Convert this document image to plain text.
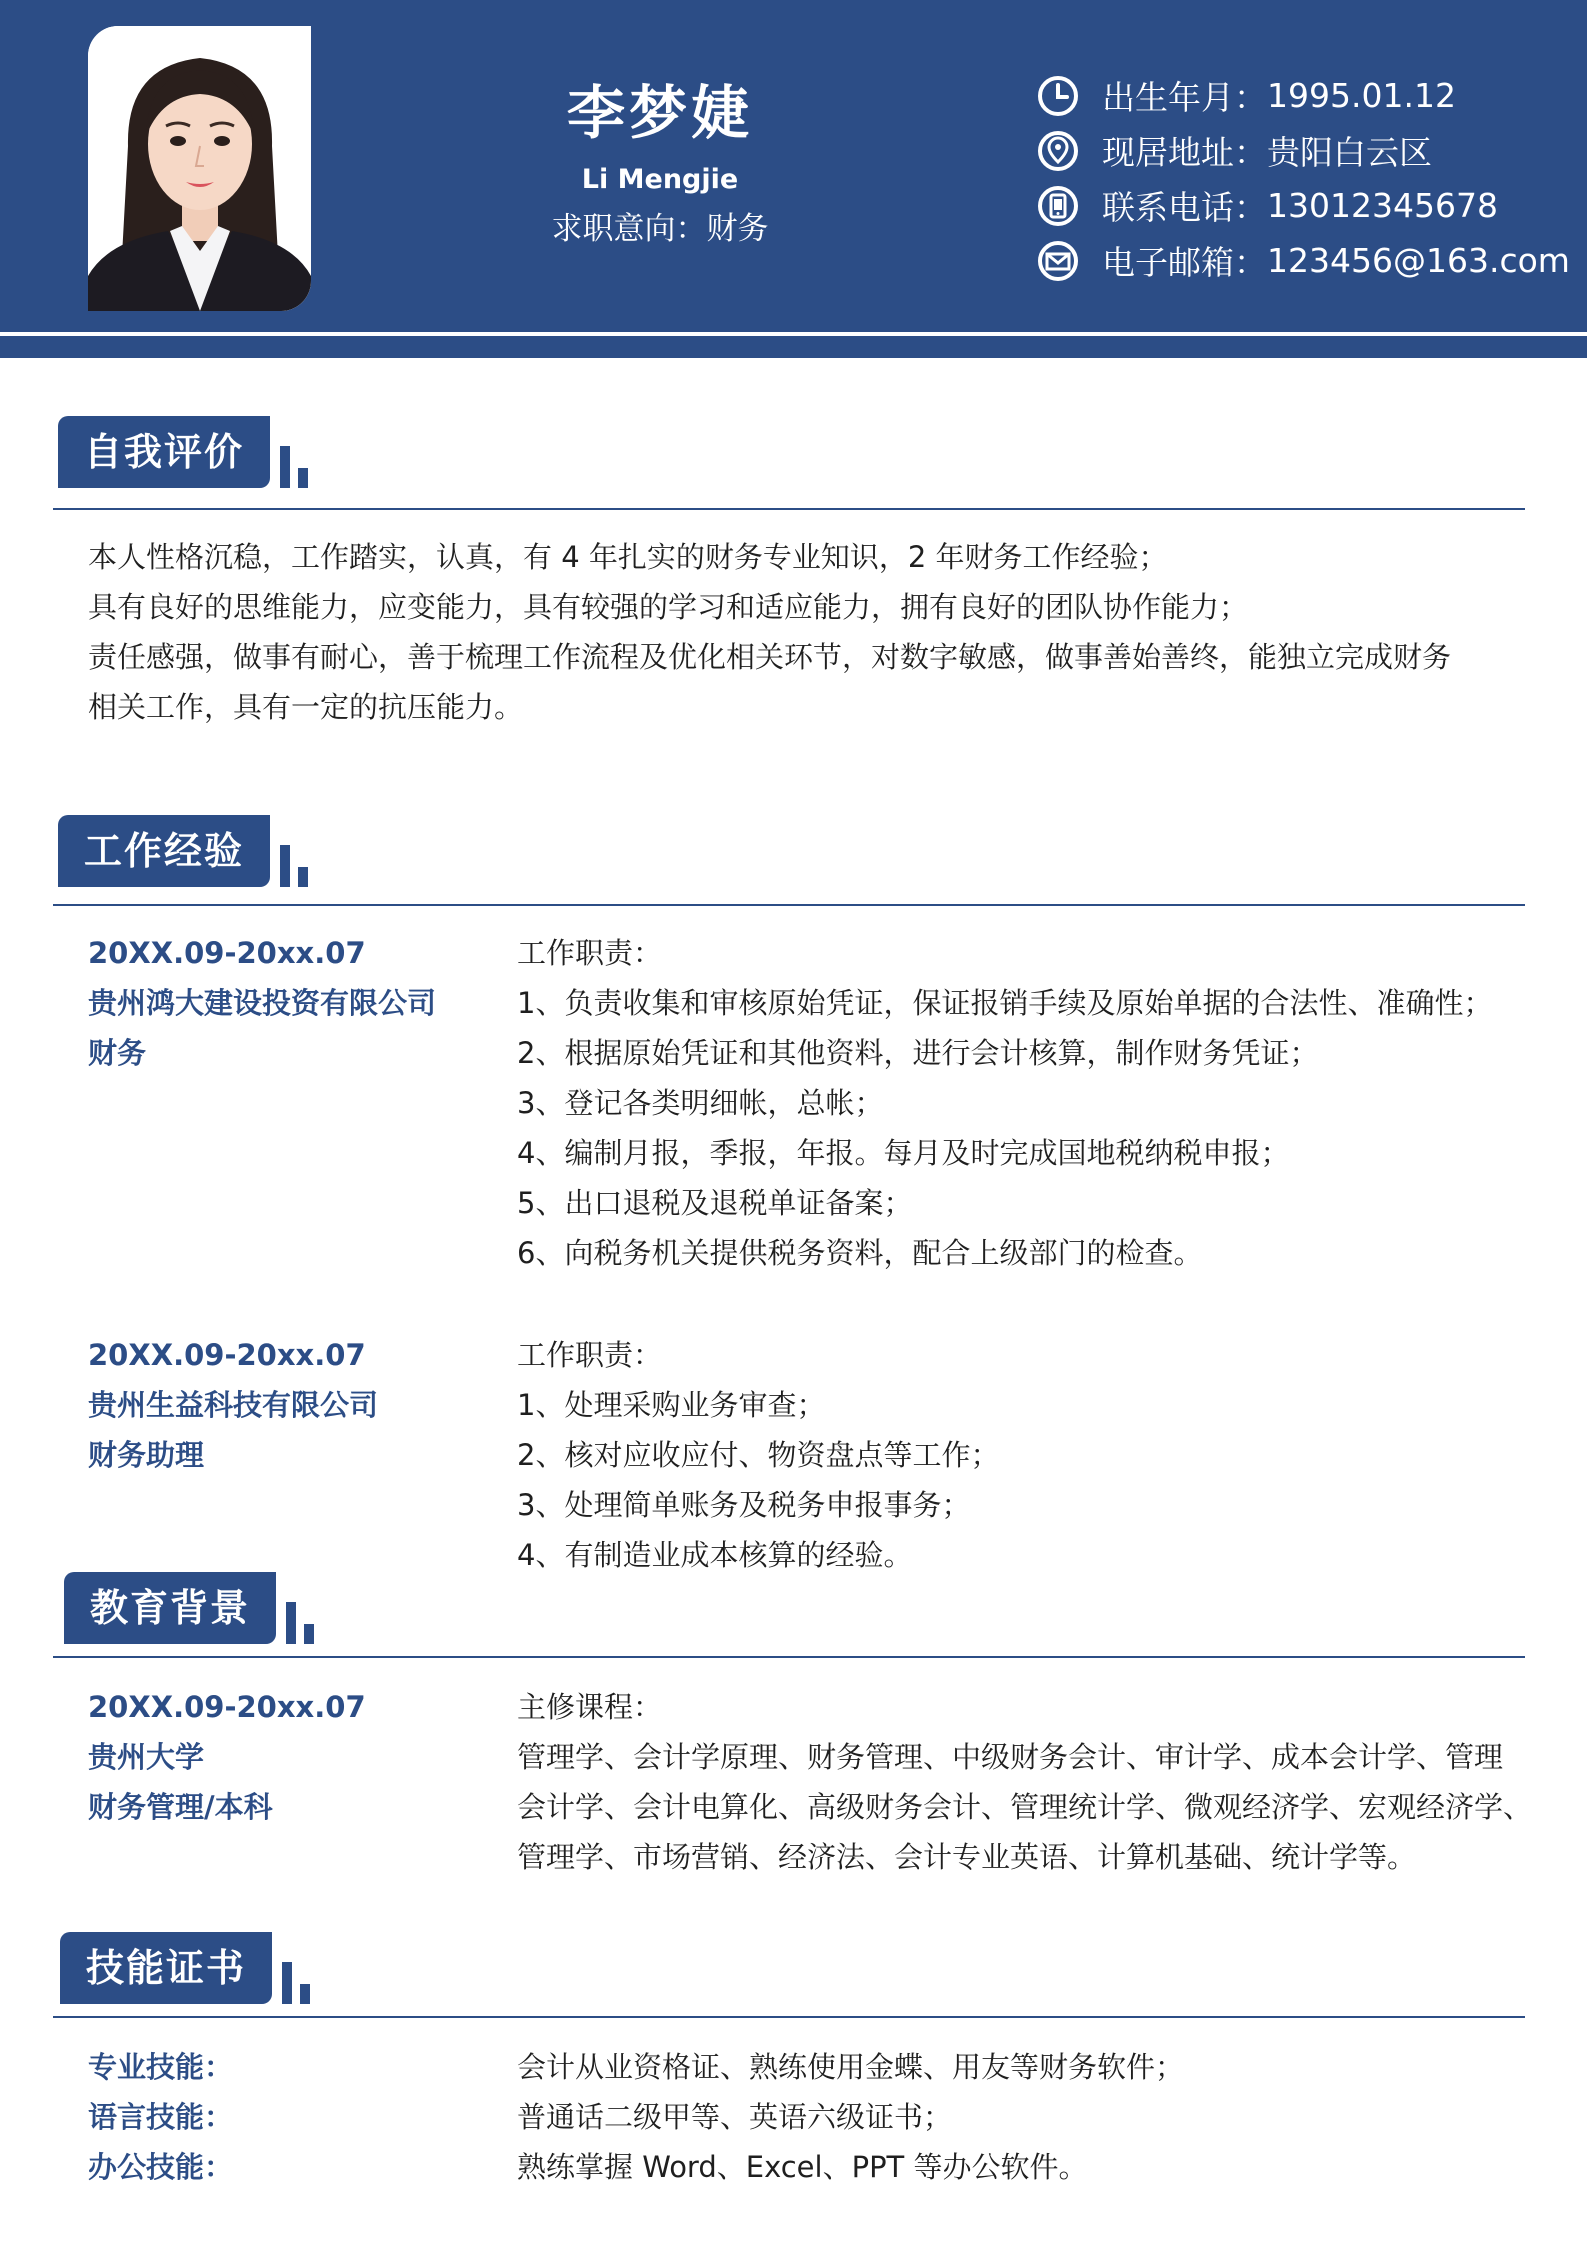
李梦婕
Li Mengjie
求职意向：财务
出生年月： 1995.01.12
现居地址： 贵阳白云区
联系电话： 13012345678
电子邮箱： 123456@163.com
自我评价
本人性格沉稳，工作踏实，认真，有 4 年扎实的财务专业知识，2 年财务工作经验；
具有良好的思维能力，应变能力，具有较强的学习和适应能力，拥有良好的团队协作能力；
责任感强，做事有耐心，善于梳理工作流程及优化相关环节，对数字敏感，做事善始善终，能独立完成财务
相关工作，具有一定的抗压能力。
工作经验
20XX.09-20xx.07
贵州鸿大建设投资有限公司
财务
工作职责：
1、负责收集和审核原始凭证，保证报销手续及原始单据的合法性、准确性；
2、根据原始凭证和其他资料，进行会计核算，制作财务凭证；
3、登记各类明细帐，总帐；
4、编制月报，季报，年报。每月及时完成国地税纳税申报；
5、出口退税及退税单证备案；
6、向税务机关提供税务资料，配合上级部门的检查。
20XX.09-20xx.07
贵州生益科技有限公司
财务助理
工作职责：
1、处理采购业务审查；
2、核对应收应付、物资盘点等工作；
3、处理简单账务及税务申报事务；
4、有制造业成本核算的经验。
教育背景
20XX.09-20xx.07
贵州大学
财务管理/本科
主修课程：
管理学、会计学原理、财务管理、中级财务会计、审计学、成本会计学、管理
会计学、会计电算化、高级财务会计、管理统计学、微观经济学、宏观经济学、
管理学、市场营销、经济法、会计专业英语、计算机基础、统计学等。
技能证书
专业技能：
语言技能：
办公技能：
会计从业资格证、熟练使用金蝶、用友等财务软件；
普通话二级甲等、英语六级证书；
熟练掌握 Word、Excel、PPT 等办公软件。
